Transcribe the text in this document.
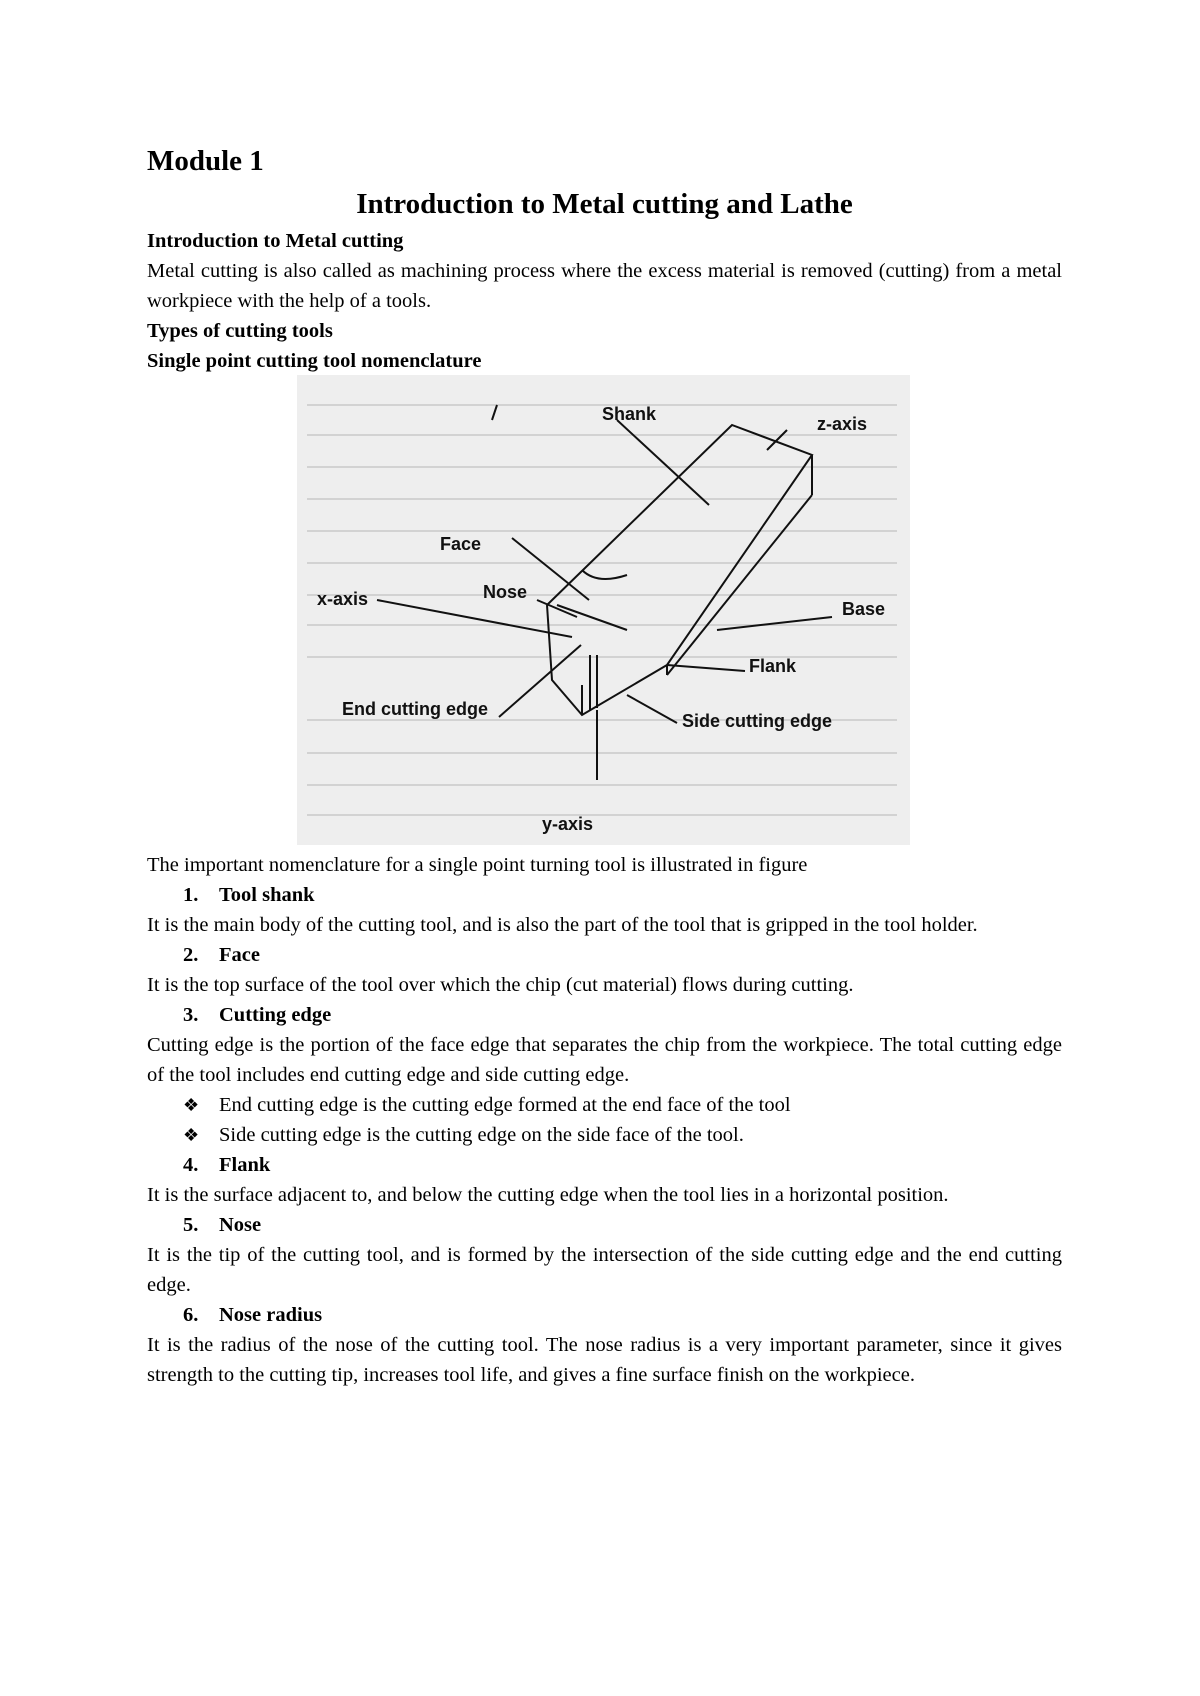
Module 1
Introduction to Metal cutting and Lathe
Introduction to Metal cutting
Metal cutting is also called as machining process where the excess material is removed (cutting) from a metal workpiece with the help of a tools.
Types of cutting tools
Single point cutting tool nomenclature
Shank	z-axis
Face
x-axis	Nose
Base
Flank
End cutting edge
Side cutting edge
y-axis
The important nomenclature for a single point turning tool is illustrated in figure
1. Tool shank
It is the main body of the cutting tool, and is also the part of the tool that is gripped in the tool holder.
2. Face
It is the top surface of the tool over which the chip (cut material) flows during cutting.
3. Cutting edge
Cutting edge is the portion of the face edge that separates the chip from the workpiece. The total cutting edge of the tool includes end cutting edge and side cutting edge.
❖ End cutting edge is the cutting edge formed at the end face of the tool
❖ Side cutting edge is the cutting edge on the side face of the tool.
4. Flank
It is the surface adjacent to, and below the cutting edge when the tool lies in a horizontal position.
5. Nose
It is the tip of the cutting tool, and is formed by the intersection of the side cutting edge and the end cutting edge.
6. Nose radius
It is the radius of the nose of the cutting tool. The nose radius is a very important parameter, since it gives strength to the cutting tip, increases tool life, and gives a fine surface finish on the workpiece.
